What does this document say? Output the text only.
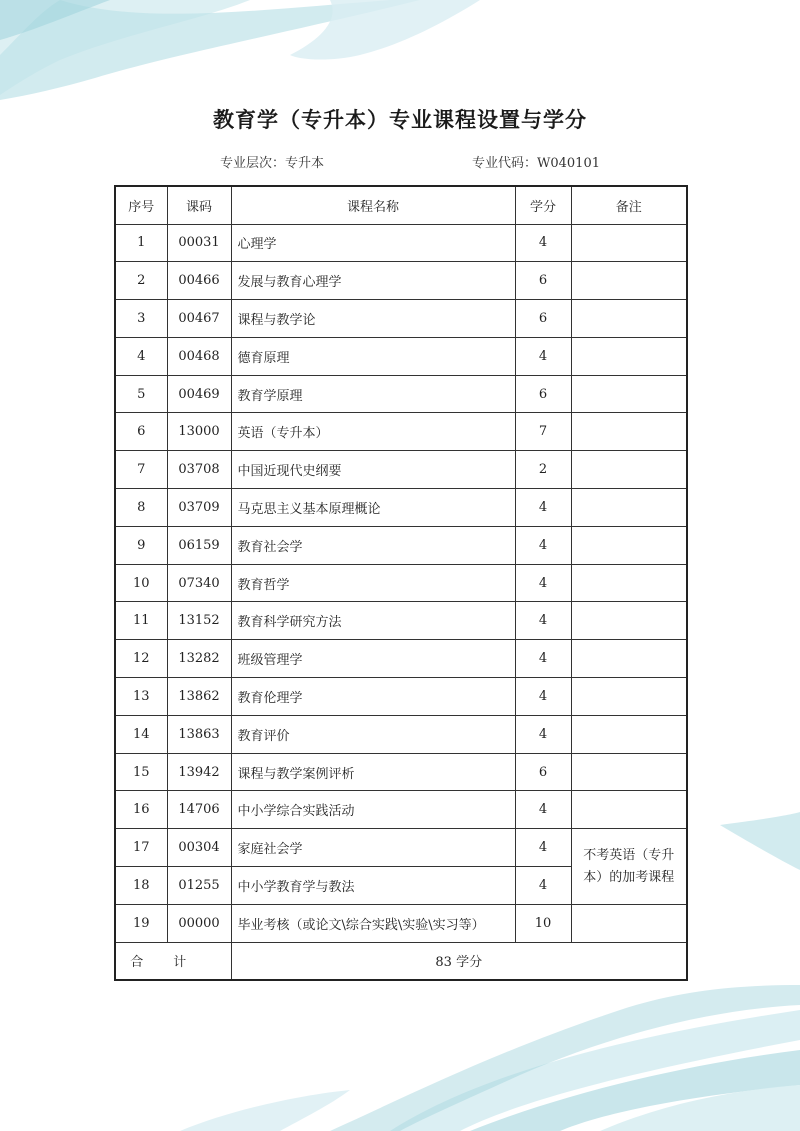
教育学（专升本）专业课程设置与学分
专业层次：专升本	专业代码：W040101
序号	课码	课程名称	学分	备注
1	00031	心理学	4	
2	00466	发展与教育心理学	6	
3	00467	课程与教学论	6	
4	00468	德育原理	4	
5	00469	教育学原理	6	
6	13000	英语（专升本）	7	
7	03708	中国近现代史纲要	2	
8	03709	马克思主义基本原理概论	4	
9	06159	教育社会学	4	
10	07340	教育哲学	4	
11	13152	教育科学研究方法	4	
12	13282	班级管理学	4	
13	13862	教育伦理学	4	
14	13863	教育评价	4	
15	13942	课程与教学案例评析	6	
16	14706	中小学综合实践活动	4	
17	00304	家庭社会学	4	不考英语（专升本）的加考课程
18	01255	中小学教育学与教法	4	
19	00000	毕业考核（或论文\综合实践\实验\实习等）	10	
合计		83 学分		
